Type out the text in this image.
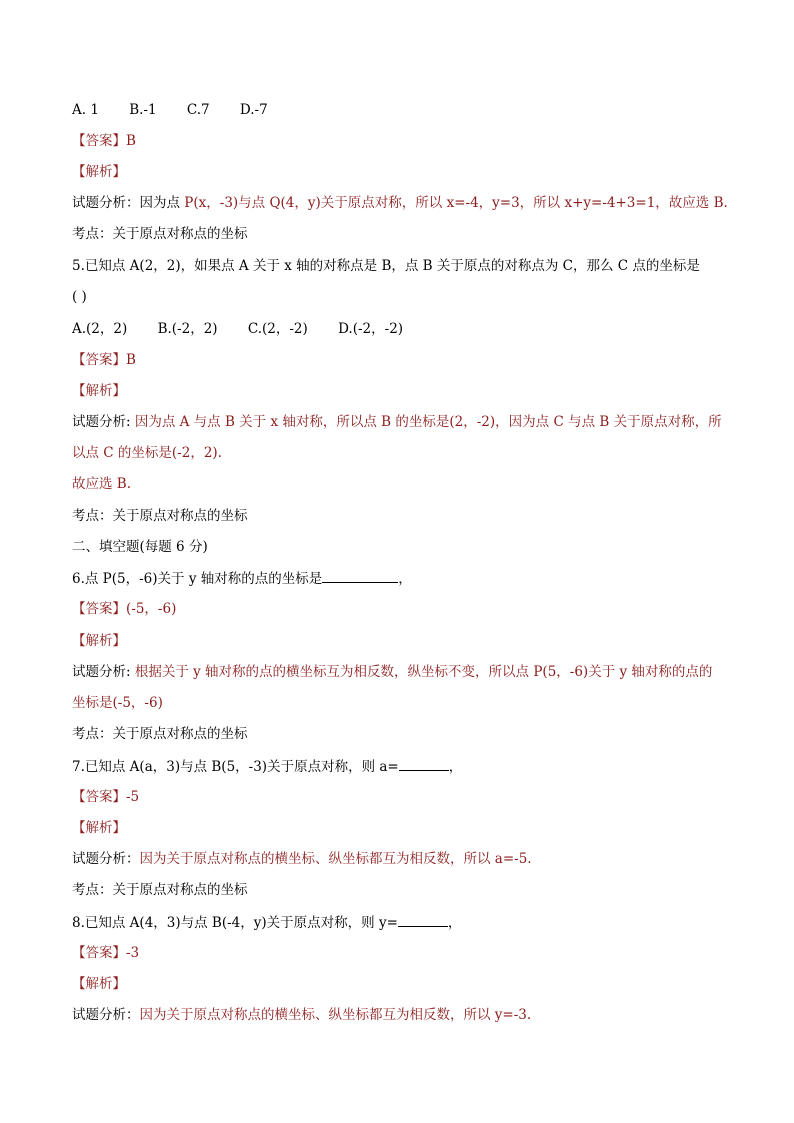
A. 1 B.-1 C.7 D.-7
【答案】B
【解析】
试题分析：因为点 P(x，-3)与点 Q(4，y)关于原点对称，所以 x=-4，y=3，所以 x+y=-4+3=1，故应选 B.
考点：关于原点对称点的坐标
5.已知点 A(2，2)，如果点 A 关于 x 轴的对称点是 B，点 B 关于原点的对称点为 C，那么 C 点的坐标是
( )
A.(2，2) B.(-2，2) C.(2，-2) D.(-2，-2)
【答案】B
【解析】
试题分析: 因为点 A 与点 B 关于 x 轴对称，所以点 B 的坐标是(2，-2)，因为点 C 与点 B 关于原点对称，所
以点 C 的坐标是(-2，2).
故应选 B.
考点：关于原点对称点的坐标
二、填空题(每题 6 分)
6.点 P(5，-6)关于 y 轴对称的点的坐标是	，
【答案】(-5，-6)
【解析】
试题分析: 根据关于 y 轴对称的点的横坐标互为相反数，纵坐标不变，所以点 P(5，-6)关于 y 轴对称的点的
坐标是(-5，-6)
考点：关于原点对称点的坐标
7.已知点 A(a，3)与点 B(5，-3)关于原点对称，则 a=	，
【答案】-5
【解析】
试题分析：因为关于原点对称点的横坐标、纵坐标都互为相反数，所以 a=-5.
考点：关于原点对称点的坐标
8.已知点 A(4，3)与点 B(-4，y)关于原点对称，则 y=	，
【答案】-3
【解析】
试题分析：因为关于原点对称点的横坐标、纵坐标都互为相反数，所以 y=-3.
